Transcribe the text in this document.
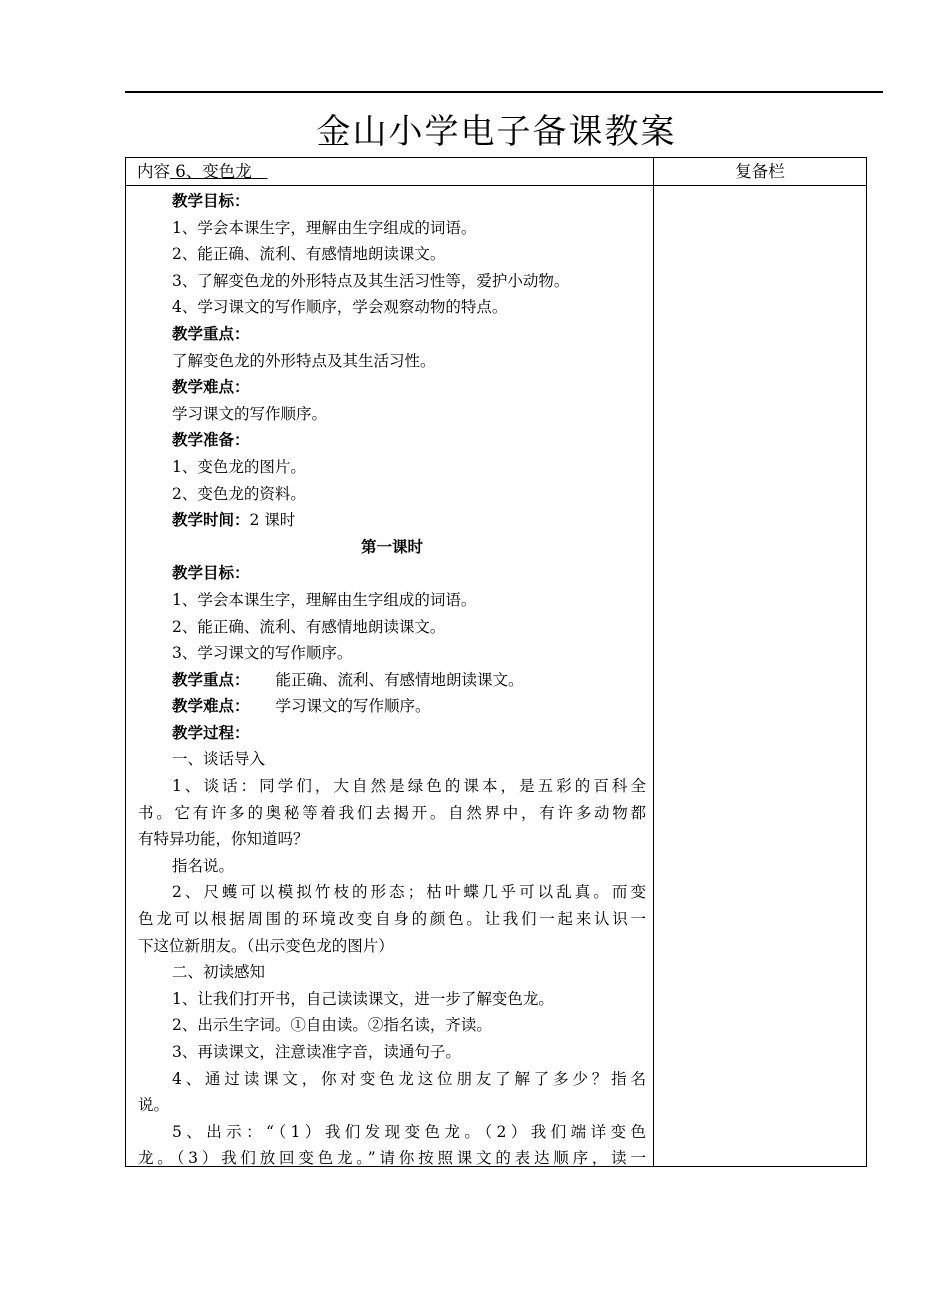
金山小学电子备课教案
内容 6、变色龙	复备栏
教学目标：
1、学会本课生字，理解由生字组成的词语。
2、能正确、流利、有感情地朗读课文。
3、了解变色龙的外形特点及其生活习性等，爱护小动物。
4、学习课文的写作顺序，学会观察动物的特点。
教学重点：
了解变色龙的外形特点及其生活习性。
教学难点：
学习课文的写作顺序。
教学准备：
1、变色龙的图片。
2、变色龙的资料。
教学时间：2 课时
第一课时
教学目标：
1、学会本课生字，理解由生字组成的词语。
2、能正确、流利、有感情地朗读课文。
3、学习课文的写作顺序。
教学重点： 能正确、流利、有感情地朗读课文。
教学难点： 学习课文的写作顺序。
教学过程：
一、谈话导入
1、谈话：同学们，大自然是绿色的课本，是五彩的百科全
书。它有许多的奥秘等着我们去揭开。自然界中，有许多动物都
有特异功能，你知道吗？
指名说。
2、尺蠖可以模拟竹枝的形态；枯叶蝶几乎可以乱真。而变
色龙可以根据周围的环境改变自身的颜色。让我们一起来认识一
下这位新朋友。（出示变色龙的图片）
二、初读感知
1、让我们打开书，自己读读课文，进一步了解变色龙。
2、出示生字词。①自由读。②指名读，齐读。
3、再读课文，注意读准字音，读通句子。
4、通过读课文，你对变色龙这位朋友了解了多少？指名
说。
5、出示：“（1）我们发现变色龙。（2）我们端详变色
龙。（3）我们放回变色龙。”请你按照课文的表达顺序，读一
